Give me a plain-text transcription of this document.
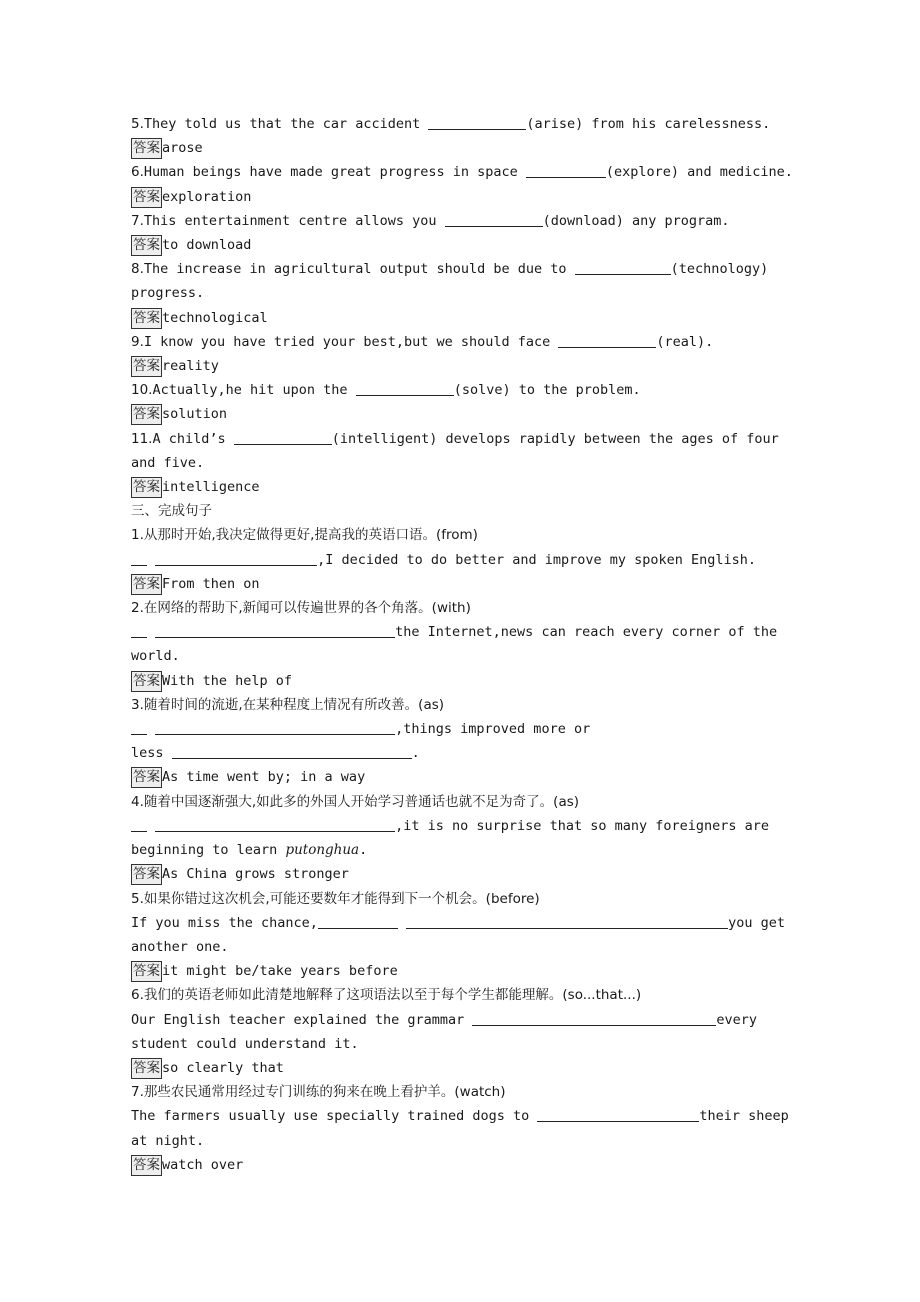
5.They told us that the car accident	(arise) from his carelessness.
答案 arose
6.Human beings have made great progress in space	(explore) and medicine.
答案 exploration
7.This entertainment centre allows you	(download) any program.
答案 to download
8.The increase in agricultural output should be due to	(technology)
progress.
答案 technological
9.I know you have tried your best,but we should face	(real).
答案 reality
10.Actually,he hit upon the	(solve) to the problem.
答案 solution
11.A child’s	(intelligent) develops rapidly between the ages of four
and five.
答案 intelligence
三、完成句子
1.从那时开始,我决定做得更好,提高我的英语口语。(from)
,I decided to do better and improve my spoken English.
答案 From then on
2.在网络的帮助下,新闻可以传遍世界的各个角落。(with)
the Internet,news can reach every corner of the
world.
答案 With the help of
3.随着时间的流逝,在某种程度上情况有所改善。(as)
,things improved more or
less	.
答案 As time went by; in a way
4.随着中国逐渐强大,如此多的外国人开始学习普通话也就不足为奇了。(as)
,it is no surprise that so many foreigners are
beginning to learn putonghua.
答案 As China grows stronger
5.如果你错过这次机会,可能还要数年才能得到下一个机会。(before)
If you miss the chance,	you get
another one.
答案 it might be/take years before
6.我们的英语老师如此清楚地解释了这项语法以至于每个学生都能理解。(so...that...)
Our English teacher explained the grammar	every
student could understand it.
答案 so clearly that
7.那些农民通常用经过专门训练的狗来在晚上看护羊。(watch)
The farmers usually use specially trained dogs to	their sheep
at night.
答案 watch over
